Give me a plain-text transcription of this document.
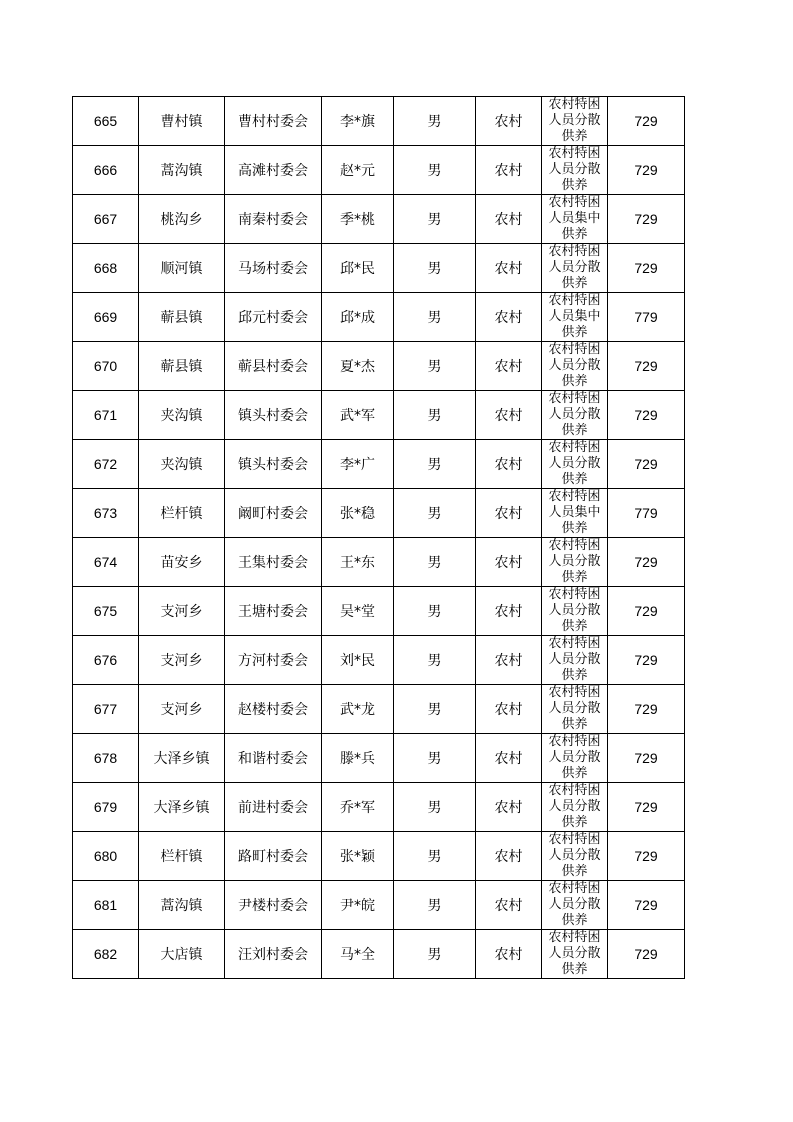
665	曹村镇	曹村村委会	李*旗	男	农村	农村特困人员分散供养	729
666	蒿沟镇	高滩村委会	赵*元	男	农村	农村特困人员分散供养	729
667	桃沟乡	南秦村委会	季*桃	男	农村	农村特困人员集中供养	729
668	顺河镇	马场村委会	邱*民	男	农村	农村特困人员分散供养	729
669	蕲县镇	邱元村委会	邱*成	男	农村	农村特困人员集中供养	779
670	蕲县镇	蕲县村委会	夏*杰	男	农村	农村特困人员分散供养	729
671	夹沟镇	镇头村委会	武*军	男	农村	农村特困人员分散供养	729
672	夹沟镇	镇头村委会	李*广	男	农村	农村特困人员分散供养	729
673	栏杆镇	阚町村委会	张*稳	男	农村	农村特困人员集中供养	779
674	苗安乡	王集村委会	王*东	男	农村	农村特困人员分散供养	729
675	支河乡	王塘村委会	吴*堂	男	农村	农村特困人员分散供养	729
676	支河乡	方河村委会	刘*民	男	农村	农村特困人员分散供养	729
677	支河乡	赵楼村委会	武*龙	男	农村	农村特困人员分散供养	729
678	大泽乡镇	和谐村委会	滕*兵	男	农村	农村特困人员分散供养	729
679	大泽乡镇	前进村委会	乔*军	男	农村	农村特困人员分散供养	729
680	栏杆镇	路町村委会	张*颖	男	农村	农村特困人员分散供养	729
681	蒿沟镇	尹楼村委会	尹*皖	男	农村	农村特困人员分散供养	729
682	大店镇	汪刘村委会	马*全	男	农村	农村特困人员分散供养	729
